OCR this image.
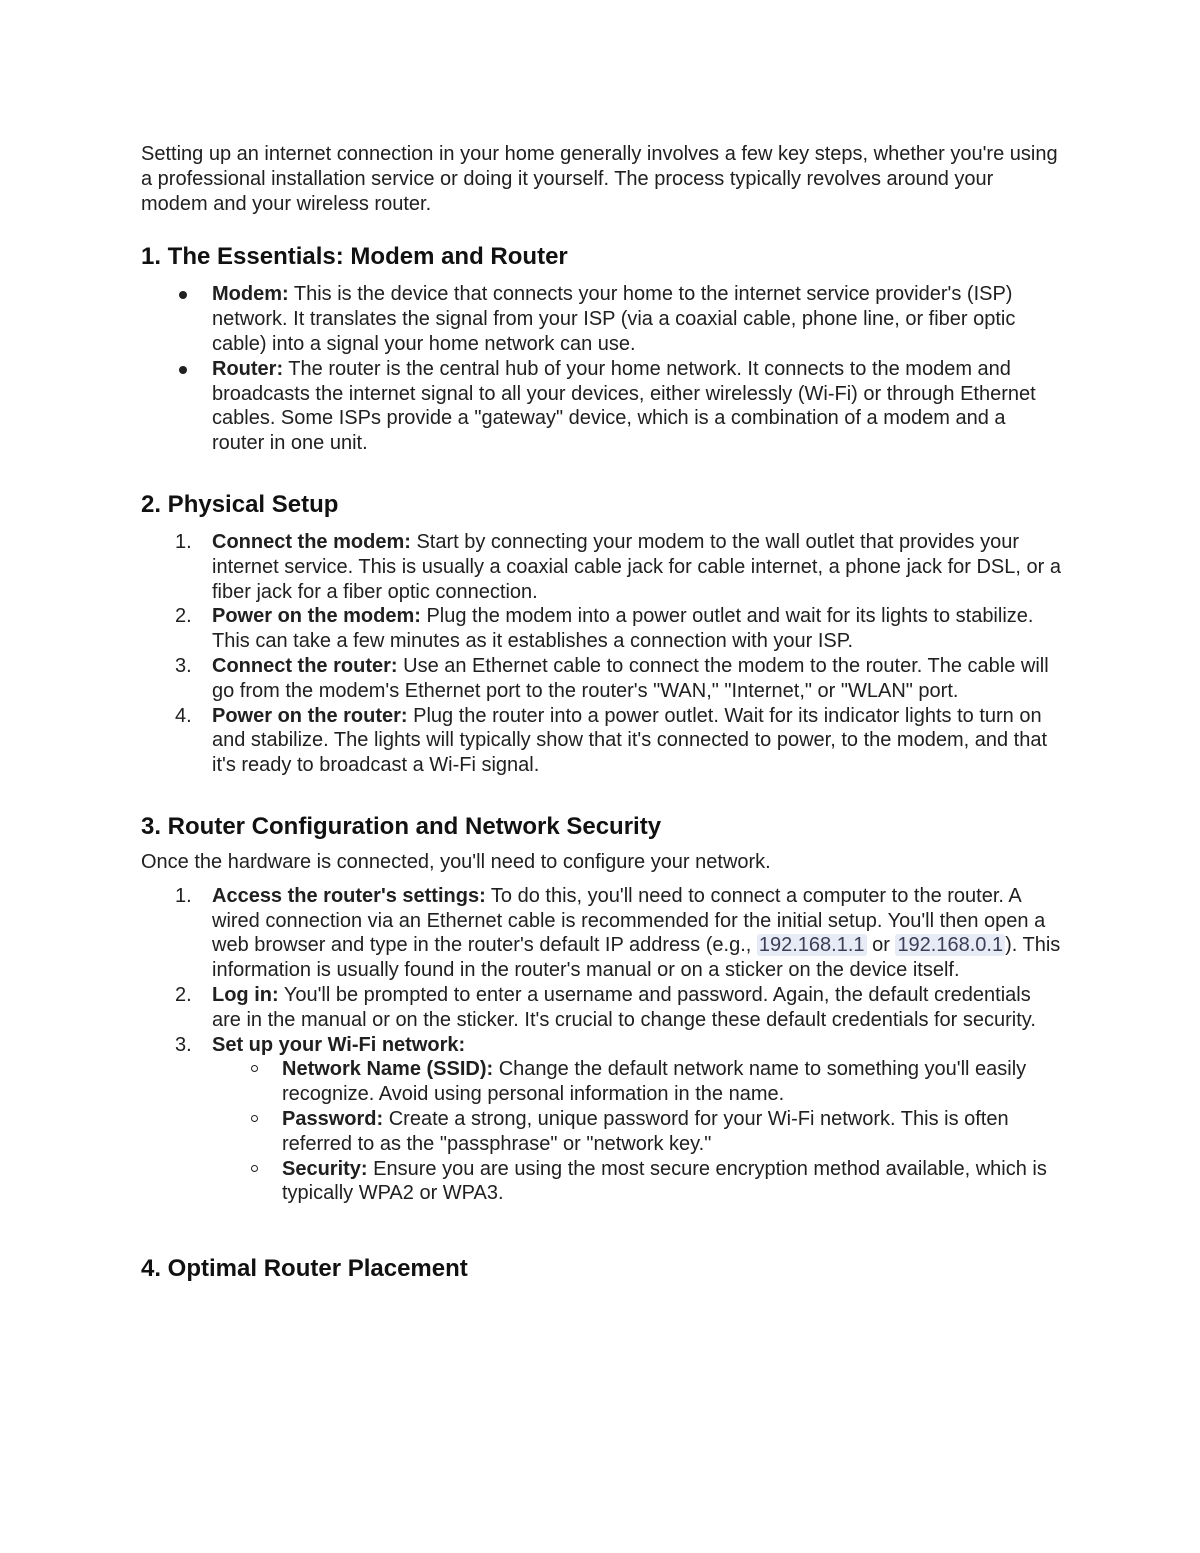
Setting up an internet connection in your home generally involves a few key steps, whether you're using a professional installation service or doing it yourself. The process typically revolves around your modem and your wireless router.

1. The Essentials: Modem and Router
Modem: This is the device that connects your home to the internet service provider's (ISP) network. It translates the signal from your ISP (via a coaxial cable, phone line, or fiber optic cable) into a signal your home network can use.
Router: The router is the central hub of your home network. It connects to the modem and broadcasts the internet signal to all your devices, either wirelessly (Wi-Fi) or through Ethernet cables. Some ISPs provide a "gateway" device, which is a combination of a modem and a router in one unit.
2. Physical Setup
1. Connect the modem: Start by connecting your modem to the wall outlet that provides your internet service. This is usually a coaxial cable jack for cable internet, a phone jack for DSL, or a fiber jack for a fiber optic connection.
2. Power on the modem: Plug the modem into a power outlet and wait for its lights to stabilize. This can take a few minutes as it establishes a connection with your ISP.
3. Connect the router: Use an Ethernet cable to connect the modem to the router. The cable will go from the modem's Ethernet port to the router's "WAN," "Internet," or "WLAN" port.
4. Power on the router: Plug the router into a power outlet. Wait for its indicator lights to turn on and stabilize. The lights will typically show that it's connected to power, to the modem, and that it's ready to broadcast a Wi-Fi signal.
3. Router Configuration and Network Security

Once the hardware is connected, you'll need to configure your network.

1. Access the router's settings: To do this, you'll need to connect a computer to the router. A wired connection via an Ethernet cable is recommended for the initial setup. You'll then open a web browser and type in the router's default IP address (e.g., 192.168.1.1 or 192.168.0.1 ). This information is usually found in the router's manual or on a sticker on the device itself.
2. Log in: You'll be prompted to enter a username and password. Again, the default credentials are in the manual or on the sticker. It's crucial to change these default credentials for security.
3. Set up your Wi-Fi network:
Network Name (SSID): Change the default network name to something you'll easily recognize. Avoid using personal information in the name.
Password: Create a strong, unique password for your Wi-Fi network. This is often referred to as the "passphrase" or "network key."
Security: Ensure you are using the most secure encryption method available, which is typically WPA2 or WPA3.
4. Optimal Router Placement
